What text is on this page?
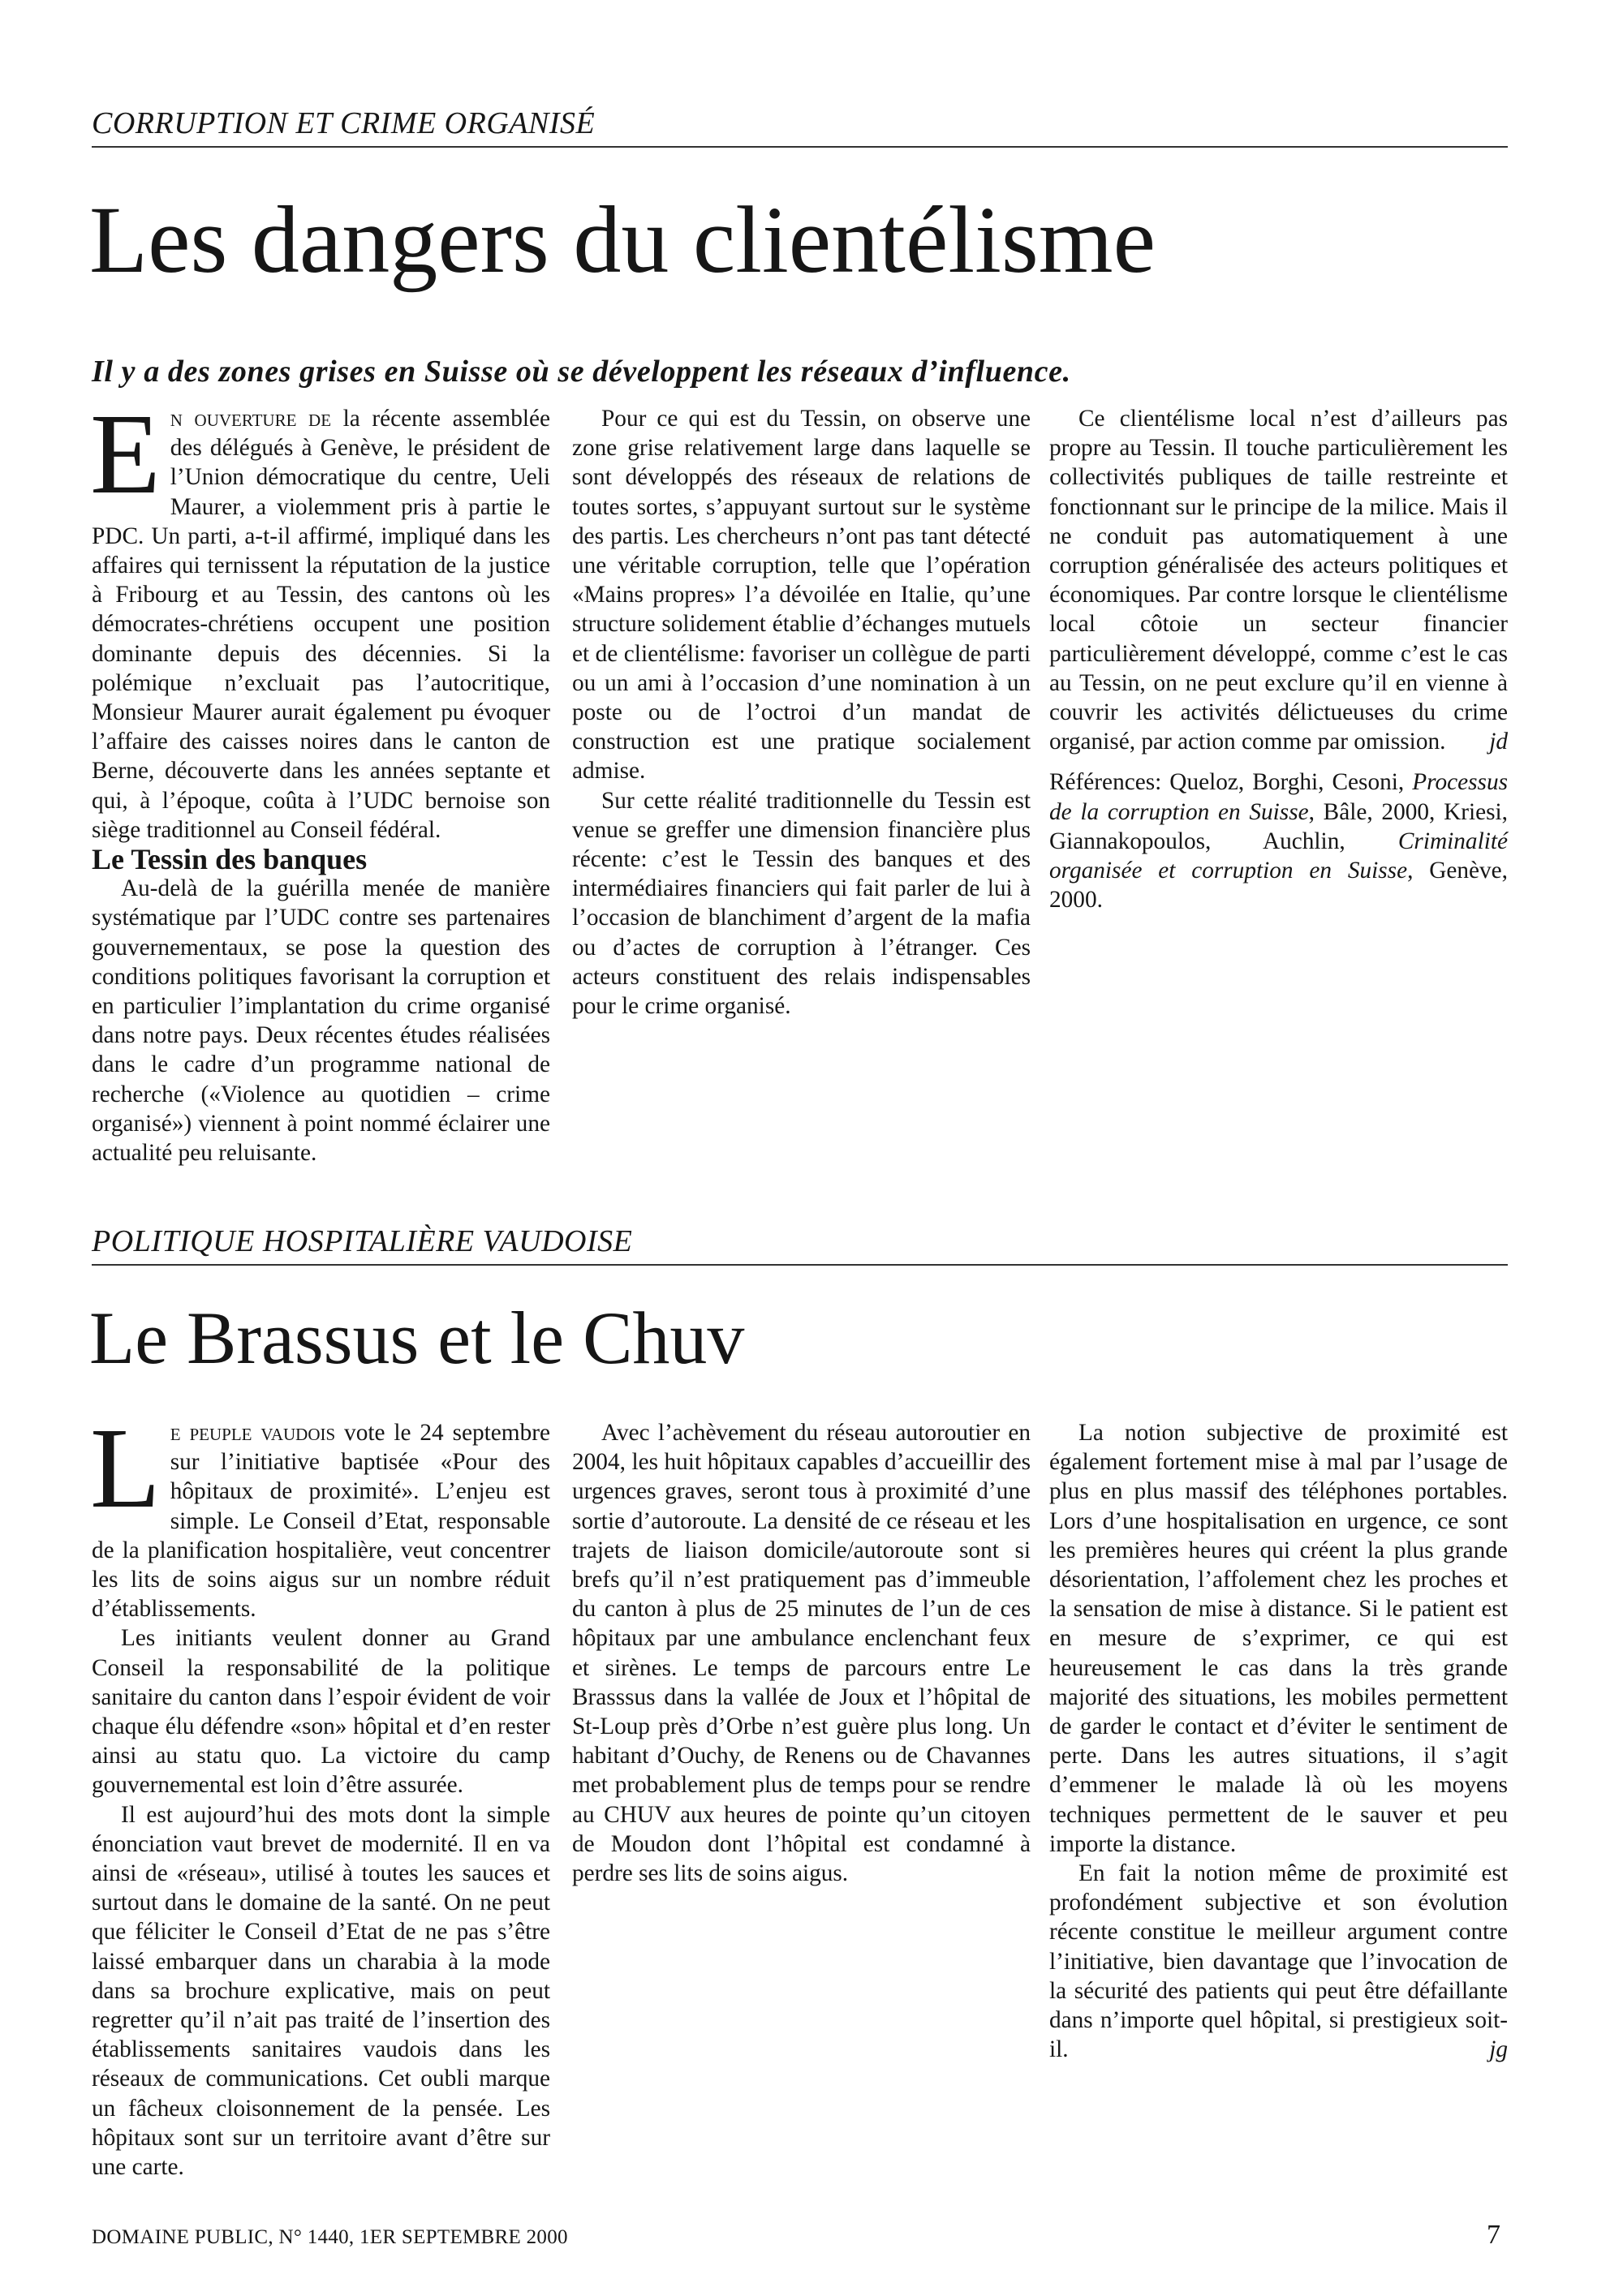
CORRUPTION ET CRIME ORGANISÉ
Les dangers du clientélisme
Il y a des zones grises en Suisse où se développent les réseaux d’influence.

En ouverture de la récente assemblée des délégués à Genève, le président de l’Union démocratique du centre, Ueli Maurer, a violemment pris à partie le PDC. Un parti, a-t-il affirmé, impliqué dans les affaires qui ternissent la réputation de la justice à Fribourg et au Tessin, des cantons où les démocrates-chrétiens occupent une position dominante depuis des décennies. Si la polémique n’excluait pas l’autocritique, Monsieur Maurer aurait également pu évoquer l’affaire des caisses noires dans le canton de Berne, découverte dans les années septante et qui, à l’époque, coûta à l’UDC bernoise son siège traditionnel au Conseil fédéral.

Le Tessin des banques

Au-delà de la guérilla menée de manière systématique par l’UDC contre ses partenaires gouvernementaux, se pose la question des conditions politiques favorisant la corruption et en particulier l’implantation du crime organisé dans notre pays. Deux récentes études réalisées dans le cadre d’un programme national de recherche («Violence au quotidien – crime organisé») viennent à point nommé éclairer une actualité peu reluisante.

Pour ce qui est du Tessin, on observe une zone grise relativement large dans laquelle se sont développés des réseaux de relations de toutes sortes, s’appuyant surtout sur le système des partis. Les chercheurs n’ont pas tant détecté une véritable corruption, telle que l’opération «Mains propres» l’a dévoilée en Italie, qu’une structure solidement établie d’échanges mutuels et de clientélisme: favoriser un collègue de parti ou un ami à l’occasion d’une nomination à un poste ou de l’octroi d’un mandat de construction est une pratique socialement admise.

Sur cette réalité traditionnelle du Tessin est venue se greffer une dimension financière plus récente: c’est le Tessin des banques et des intermédiaires financiers qui fait parler de lui à l’occasion de blanchiment d’argent de la mafia ou d’actes de corruption à l’étranger. Ces acteurs constituent des relais indispensables pour le crime organisé.

Ce clientélisme local n’est d’ailleurs pas propre au Tessin. Il touche particulièrement les collectivités publiques de taille restreinte et fonctionnant sur le principe de la milice. Mais il ne conduit pas automatiquement à une corruption généralisée des acteurs politiques et économiques. Par contre lorsque le clientélisme local côtoie un secteur financier particulièrement développé, comme c’est le cas au Tessin, on ne peut exclure qu’il en vienne à couvrir les activités délictueuses du crime organisé, par action comme par omission.	jd

Références: Queloz, Borghi, Cesoni, Processus de la corruption en Suisse, Bâle, 2000, Kriesi, Giannakopoulos, Auchlin, Criminalité organisée et corruption en Suisse, Genève, 2000.

POLITIQUE HOSPITALIÈRE VAUDOISE
Le Brassus et le Chuv

Le peuple vaudois vote le 24 septembre sur l’initiative baptisée «Pour des hôpitaux de proximité». L’enjeu est simple. Le Conseil d’Etat, responsable de la planification hospitalière, veut concentrer les lits de soins aigus sur un nombre réduit d’établissements.

Les initiants veulent donner au Grand Conseil la responsabilité de la politique sanitaire du canton dans l’espoir évident de voir chaque élu défendre «son» hôpital et d’en rester ainsi au statu quo. La victoire du camp gouvernemental est loin d’être assurée.

Il est aujourd’hui des mots dont la simple énonciation vaut brevet de modernité. Il en va ainsi de «réseau», utilisé à toutes les sauces et surtout dans le domaine de la santé. On ne peut que féliciter le Conseil d’Etat de ne pas s’être laissé embarquer dans un charabia à la mode dans sa brochure explicative, mais on peut regretter qu’il n’ait pas traité de l’insertion des établissements sanitaires vaudois dans les réseaux de communications. Cet oubli marque un fâcheux cloisonnement de la pensée. Les hôpitaux sont sur un territoire avant d’être sur une carte.

Avec l’achèvement du réseau autoroutier en 2004, les huit hôpitaux capables d’accueillir des urgences graves, seront tous à proximité d’une sortie d’autoroute. La densité de ce réseau et les trajets de liaison domicile/autoroute sont si brefs qu’il n’est pratiquement pas d’immeuble du canton à plus de 25 minutes de l’un de ces hôpitaux par une ambulance enclenchant feux et sirènes. Le temps de parcours entre Le Brasssus dans la vallée de Joux et l’hôpital de St-Loup près d’Orbe n’est guère plus long. Un habitant d’Ouchy, de Renens ou de Chavannes met probablement plus de temps pour se rendre au CHUV aux heures de pointe qu’un citoyen de Moudon dont l’hôpital est condamné à perdre ses lits de soins aigus.

La notion subjective de proximité est également fortement mise à mal par l’usage de plus en plus massif des téléphones portables. Lors d’une hospitalisation en urgence, ce sont les premières heures qui créent la plus grande désorientation, l’affolement chez les proches et la sensation de mise à distance. Si le patient est en mesure de s’exprimer, ce qui est heureusement le cas dans la très grande majorité des situations, les mobiles permettent de garder le contact et d’éviter le sentiment de perte. Dans les autres situations, il s’agit d’emmener le malade là où les moyens techniques permettent de le sauver et peu importe la distance.

En fait la notion même de proximité est profondément subjective et son évolution récente constitue le meilleur argument contre l’initiative, bien davantage que l’invocation de la sécurité des patients qui peut être défaillante dans n’importe quel hôpital, si prestigieux soit-il.	jg

DOMAINE PUBLIC, N° 1440, 1ER SEPTEMBRE 2000	7
